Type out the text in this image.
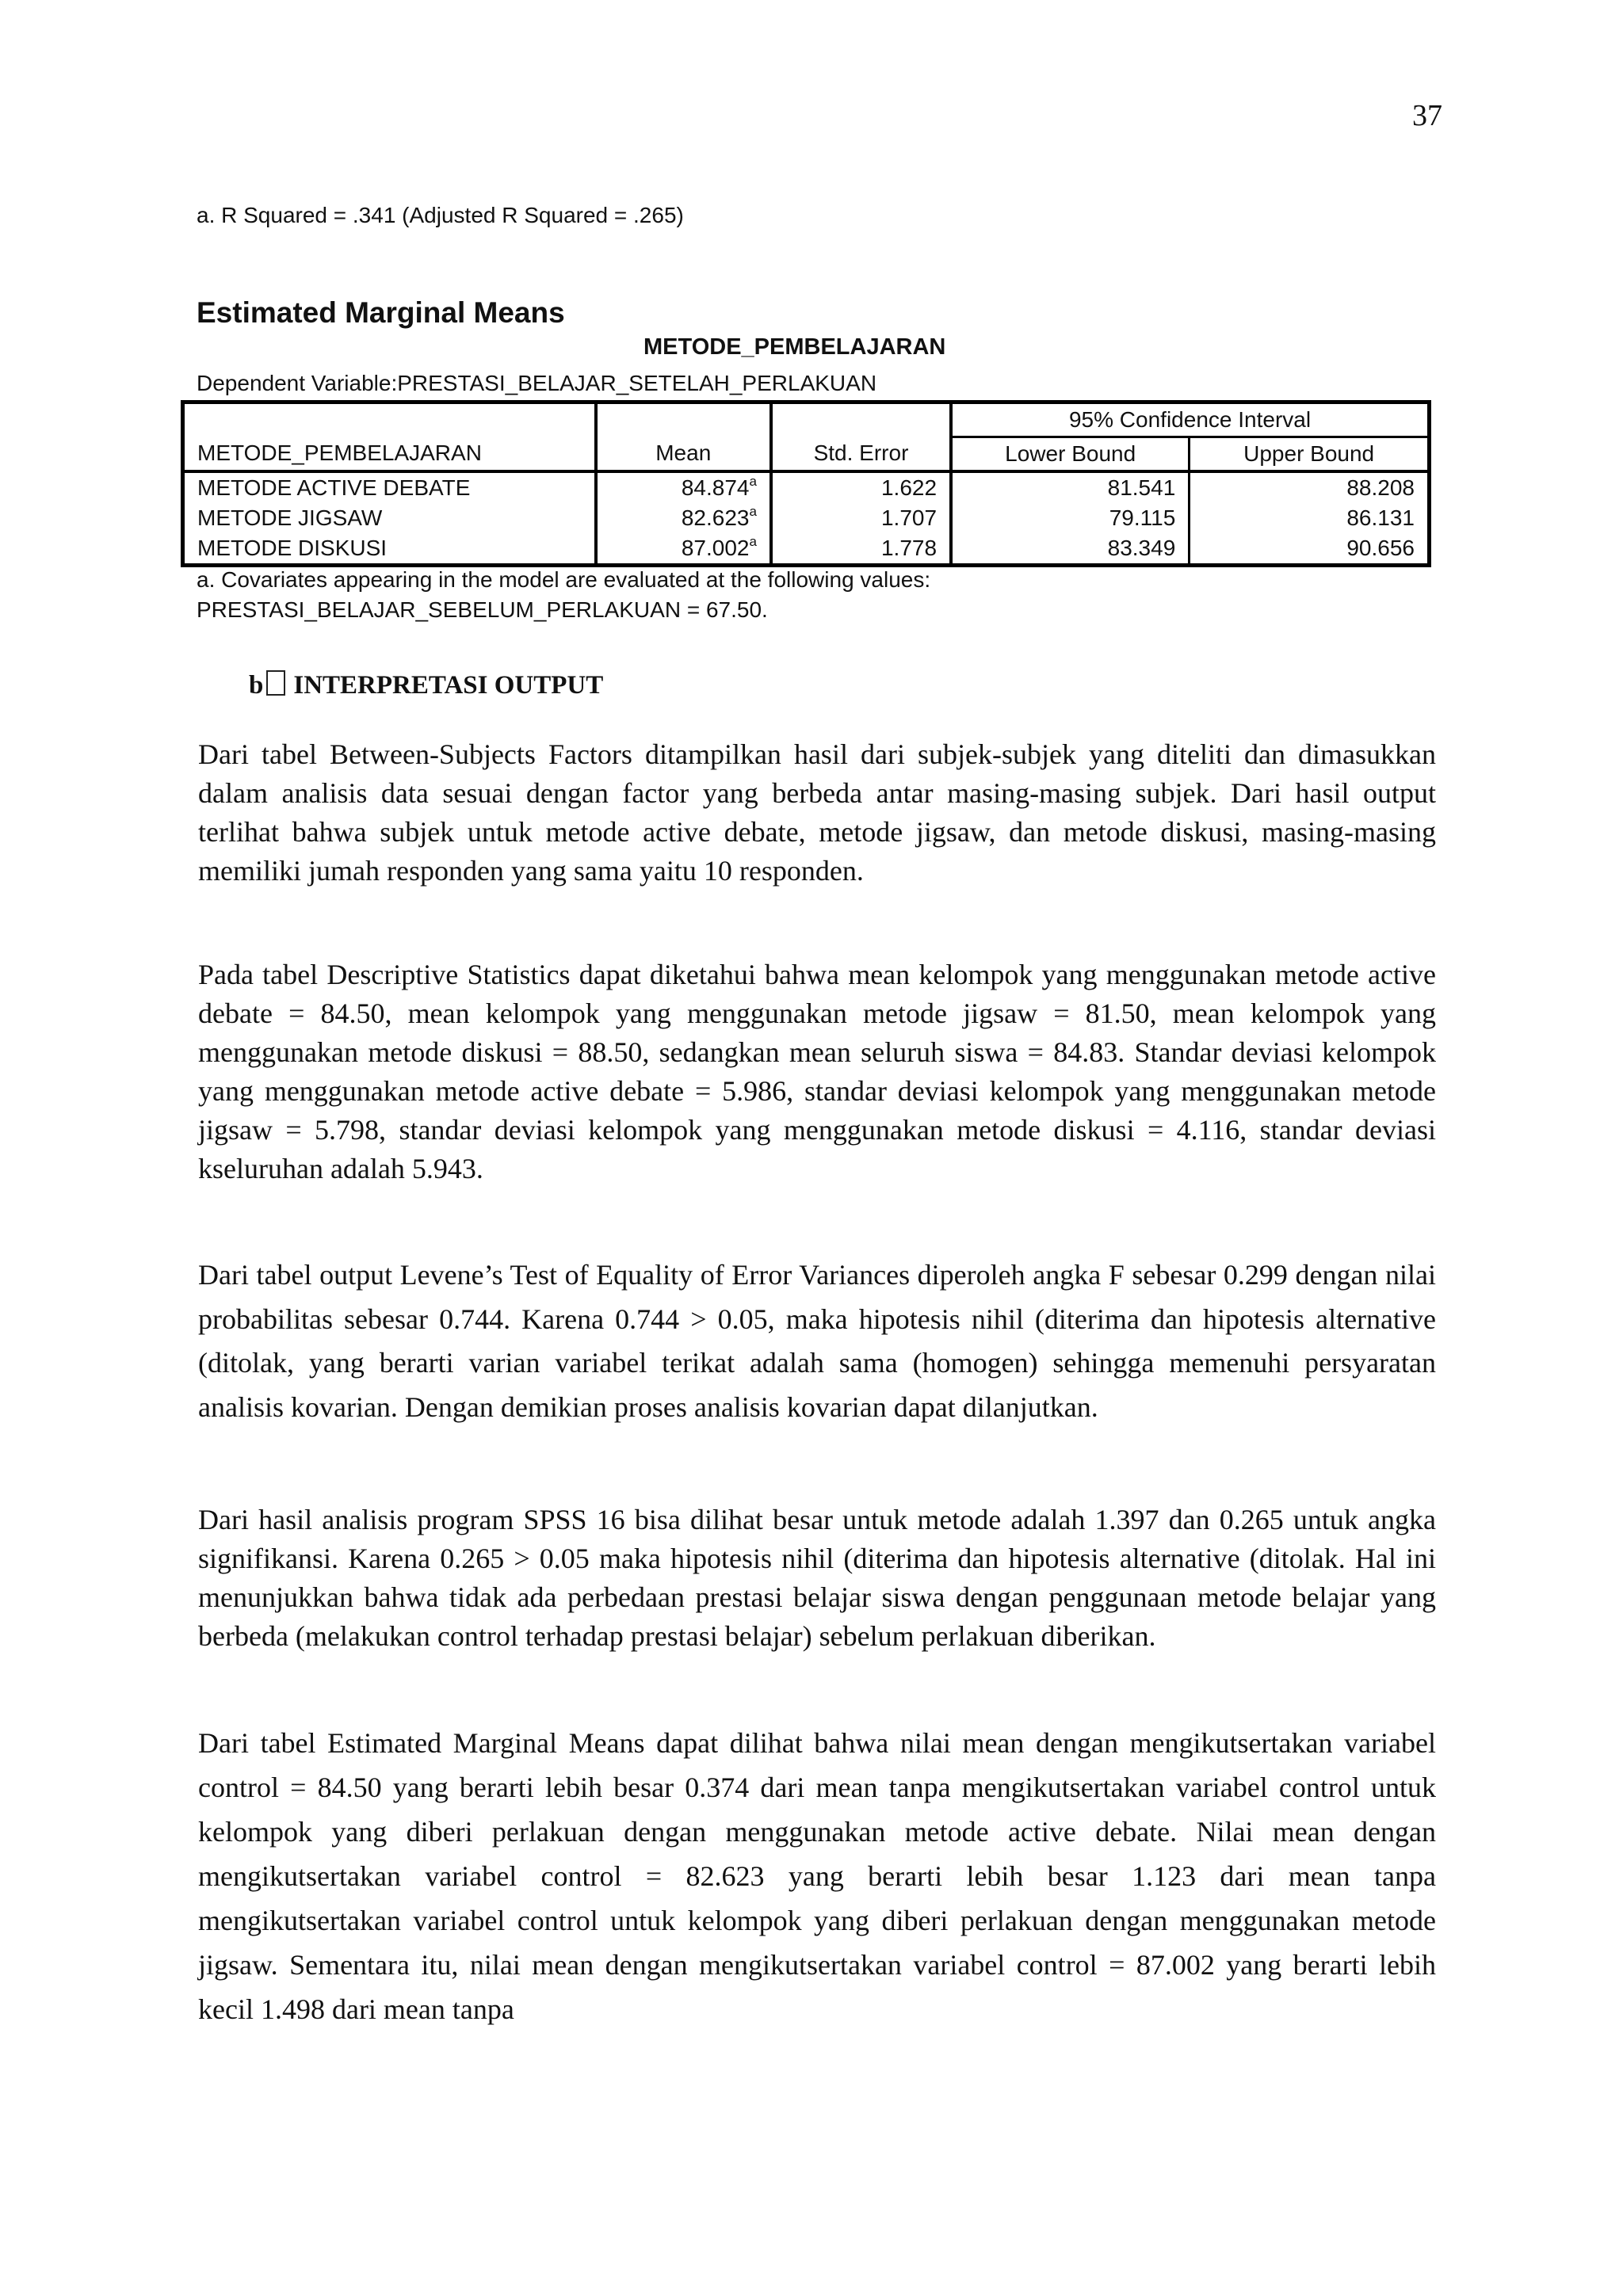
37
a. R Squared = .341 (Adjusted R Squared = .265)
Estimated Marginal Means
METODE_PEMBELAJARAN
Dependent Variable:PRESTASI_BELAJAR_SETELAH_PERLAKUAN
			95% Confidence Interval	
METODE_PEMBELAJARAN	Mean	Std. Error	Lower Bound	Upper Bound
METODE ACTIVE DEBATE	84.874$^a$	1.622	81.541	88.208
METODE JIGSAW	82.623$^a$	1.707	79.115	86.131
METODE DISKUSI	87.002$^a$	1.778	83.349	90.656
a. Covariates appearing in the model are evaluated at the following values:
PRESTASI_BELAJAR_SEBELUM_PERLAKUAN = 67.50.
b INTERPRETASI OUTPUT

Dari tabel Between-Subjects Factors ditampilkan hasil dari subjek-subjek yang diteliti dan dimasukkan dalam analisis data sesuai dengan factor yang berbeda antar masing-masing subjek. Dari hasil output terlihat bahwa subjek untuk metode active debate, metode jigsaw, dan metode diskusi, masing-masing memiliki jumah responden yang sama yaitu 10 responden.

Pada tabel Descriptive Statistics dapat diketahui bahwa mean kelompok yang menggunakan metode active debate = 84.50, mean kelompok yang menggunakan metode jigsaw = 81.50, mean kelompok yang menggunakan metode diskusi = 88.50, sedangkan mean seluruh siswa = 84.83. Standar deviasi kelompok yang menggunakan metode active debate = 5.986, standar deviasi kelompok yang menggunakan metode jigsaw = 5.798, standar deviasi kelompok yang menggunakan metode diskusi = 4.116, standar deviasi kseluruhan adalah 5.943.

Dari tabel output Levene’s Test of Equality of Error Variances diperoleh angka F sebesar 0.299 dengan nilai probabilitas sebesar 0.744. Karena 0.744 > 0.05, maka hipotesis nihil (diterima dan hipotesis alternative (ditolak, yang berarti varian variabel terikat adalah sama (homogen) sehingga memenuhi persyaratan analisis kovarian. Dengan demikian proses analisis kovarian dapat dilanjutkan.

Dari hasil analisis program SPSS 16 bisa dilihat besar untuk metode adalah 1.397 dan 0.265 untuk angka signifikansi. Karena 0.265 > 0.05 maka hipotesis nihil (diterima dan hipotesis alternative (ditolak. Hal ini menunjukkan bahwa tidak ada perbedaan prestasi belajar siswa dengan penggunaan metode belajar yang berbeda (melakukan control terhadap prestasi belajar) sebelum perlakuan diberikan.

Dari tabel Estimated Marginal Means dapat dilihat bahwa nilai mean dengan mengikutsertakan variabel control = 84.50 yang berarti lebih besar 0.374 dari mean tanpa mengikutsertakan variabel control untuk kelompok yang diberi perlakuan dengan menggunakan metode active debate. Nilai mean dengan mengikutsertakan variabel control = 82.623 yang berarti lebih besar 1.123 dari mean tanpa mengikutsertakan variabel control untuk kelompok yang diberi perlakuan dengan menggunakan metode jigsaw. Sementara itu, nilai mean dengan mengikutsertakan variabel control = 87.002 yang berarti lebih kecil 1.498 dari mean tanpa
